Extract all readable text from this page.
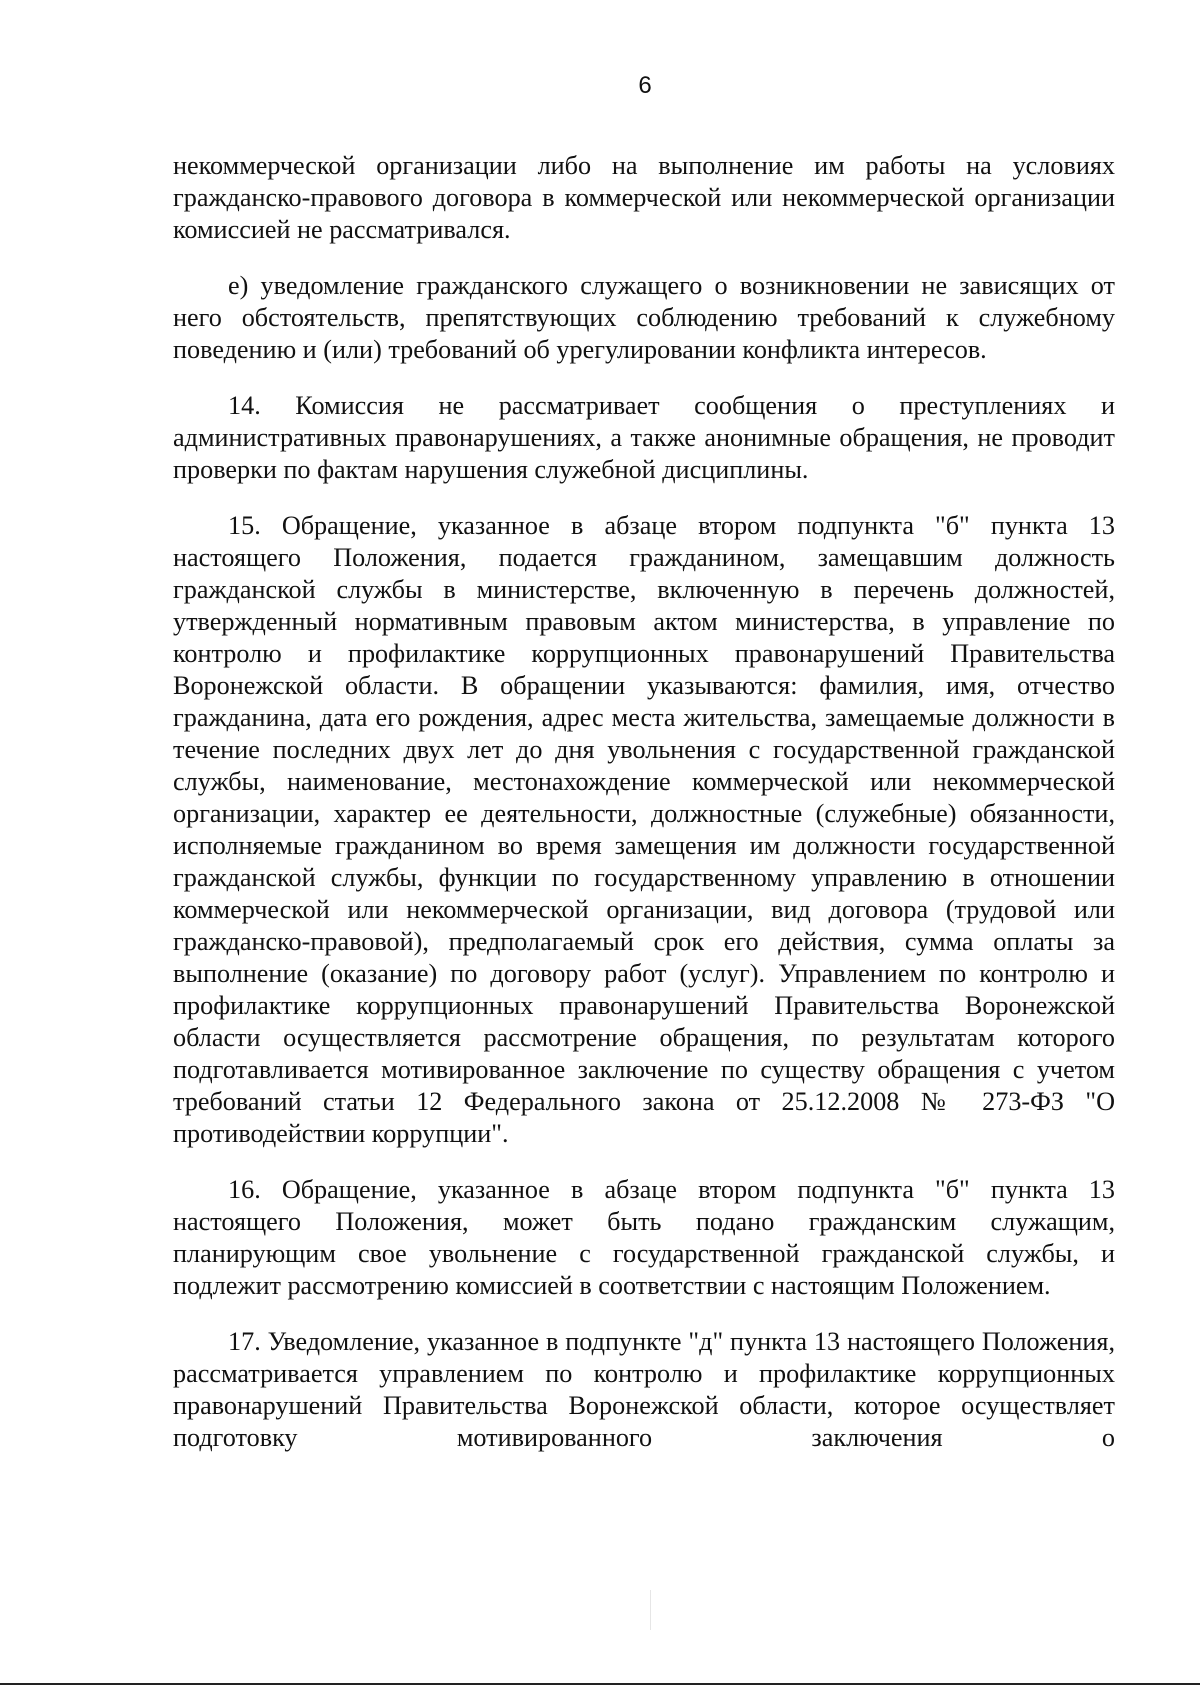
6

некоммерческой организации либо на выполнение им работы на условиях гражданско-правового договора в коммерческой или некоммерческой организации комиссией не рассматривался.

е) уведомление гражданского служащего о возникновении не зависящих от него обстоятельств, препятствующих соблюдению требований к служебному поведению и (или) требований об урегулировании конфликта интересов.

14. Комиссия не рассматривает сообщения о преступлениях и административных правонарушениях, а также анонимные обращения, не проводит проверки по фактам нарушения служебной дисциплины.

15. Обращение, указанное в абзаце втором подпункта "б" пункта 13 настоящего Положения, подается гражданином, замещавшим должность гражданской службы в министерстве, включенную в перечень должностей, утвержденный нормативным правовым актом министерства, в управление по контролю и профилактике коррупционных правонарушений Правительства Воронежской области. В обращении указываются: фамилия, имя, отчество гражданина, дата его рождения, адрес места жительства, замещаемые должности в течение последних двух лет до дня увольнения с государственной гражданской службы, наименование, местонахождение коммерческой или некоммерческой организации, характер ее деятельности, должностные (служебные) обязанности, исполняемые гражданином во время замещения им должности государственной гражданской службы, функции по государственному управлению в отношении коммерческой или некоммерческой организации, вид договора (трудовой или гражданско-правовой), предполагаемый срок его действия, сумма оплаты за выполнение (оказание) по договору работ (услуг). Управлением по контролю и профилактике коррупционных правонарушений Правительства Воронежской области осуществляется рассмотрение обращения, по результатам которого подготавливается мотивированное заключение по существу обращения с учетом требований статьи 12 Федерального закона от 25.12.2008 № 273-ФЗ "О противодействии коррупции".

16. Обращение, указанное в абзаце втором подпункта "б" пункта 13 настоящего Положения, может быть подано гражданским служащим, планирующим свое увольнение с государственной гражданской службы, и подлежит рассмотрению комиссией в соответствии с настоящим Положением.

17. Уведомление, указанное в подпункте "д" пункта 13 настоящего Положения, рассматривается управлением по контролю и профилактике коррупционных правонарушений Правительства Воронежской области, которое осуществляет подготовку мотивированного заключения о
